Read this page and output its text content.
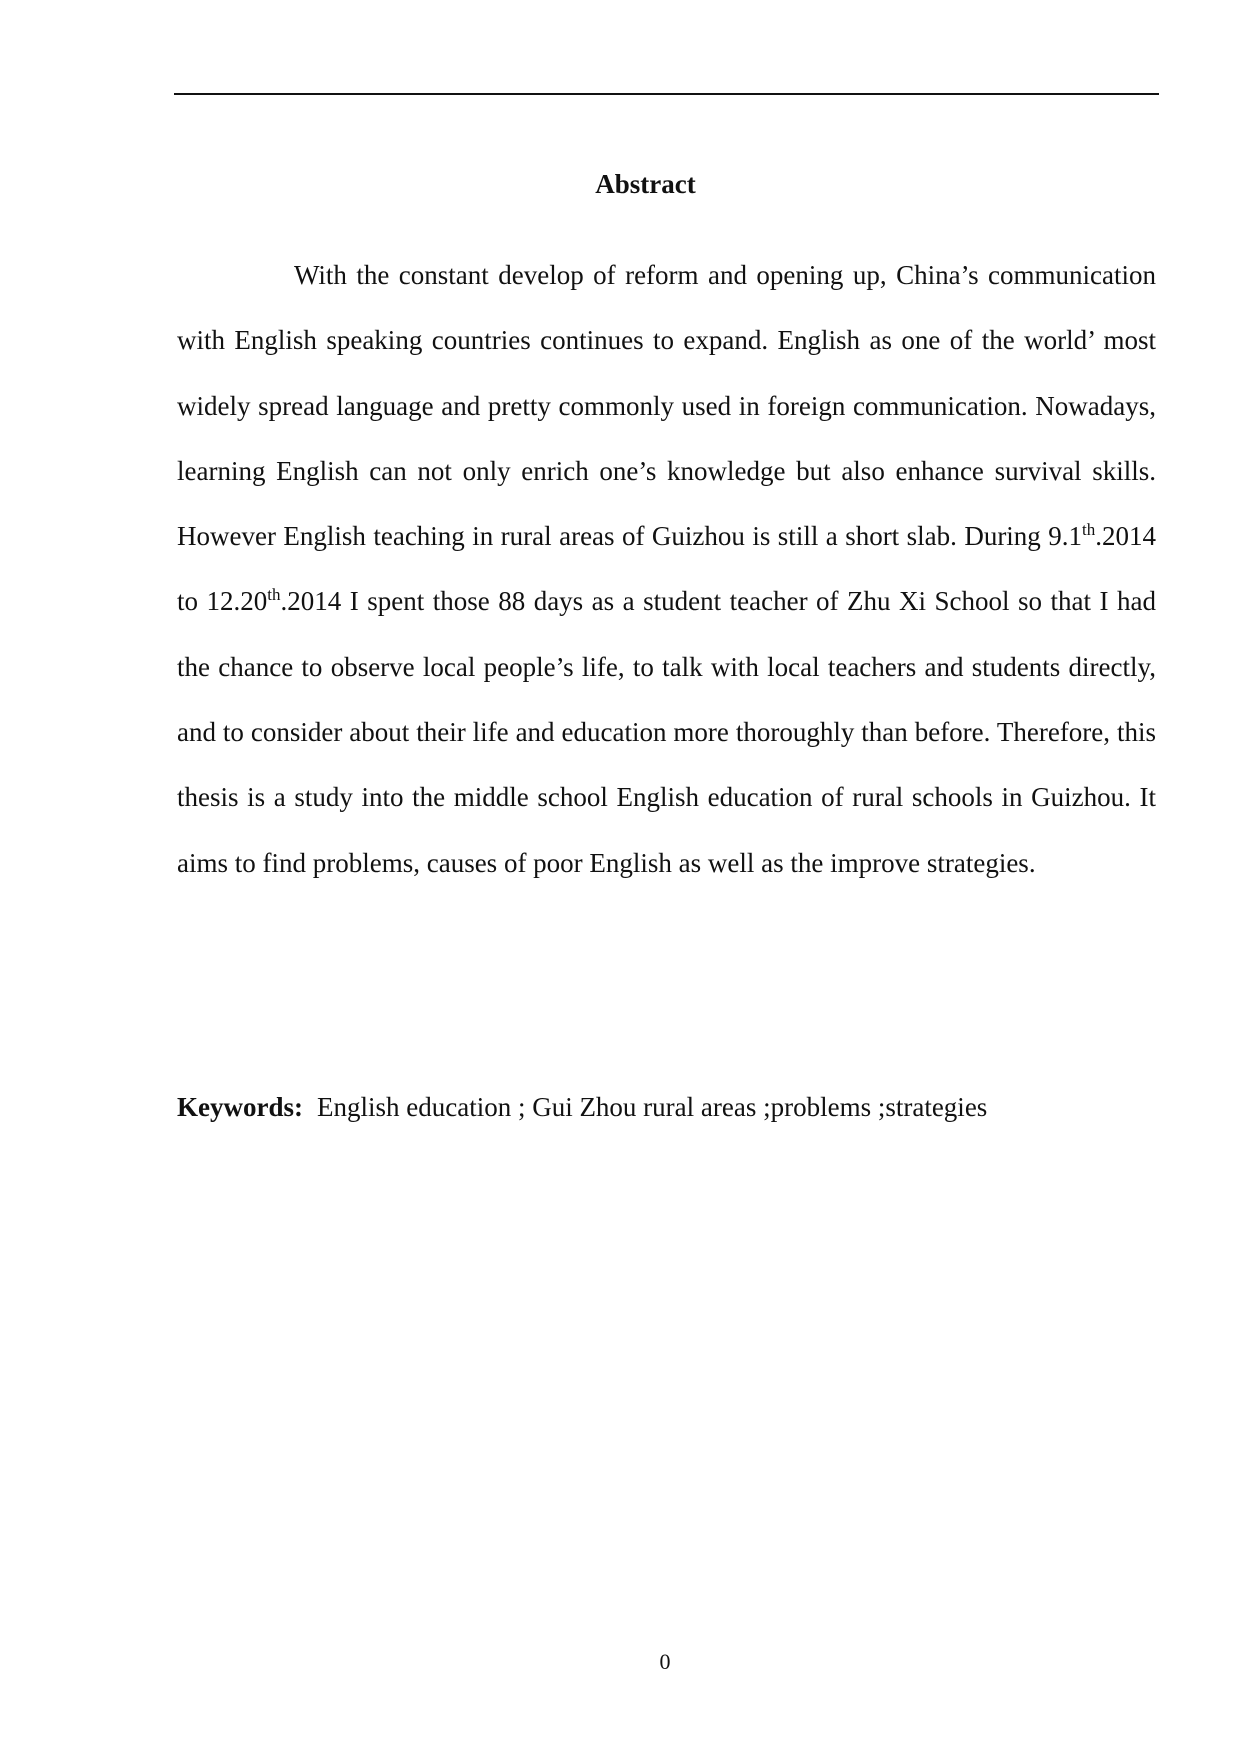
Abstract

With the constant develop of reform and opening up, China’s communication with English speaking countries continues to expand. English as one of the world’ most widely spread language and pretty commonly used in foreign communication. Nowadays, learning English can not only enrich one’s knowledge but also enhance survival skills. However English teaching in rural areas of Guizhou is still a short slab. During 9.1th.2014 to 12.20th.2014 I spent those 88 days as a student teacher of Zhu Xi School so that I had the chance to observe local people’s life, to talk with local teachers and students directly, and to consider about their life and education more thoroughly than before. Therefore, this thesis is a study into the middle school English education of rural schools in Guizhou. It aims to find problems, causes of poor English as well as the improve strategies.

Keywords: English education ; Gui Zhou rural areas ;problems ;strategies

0
